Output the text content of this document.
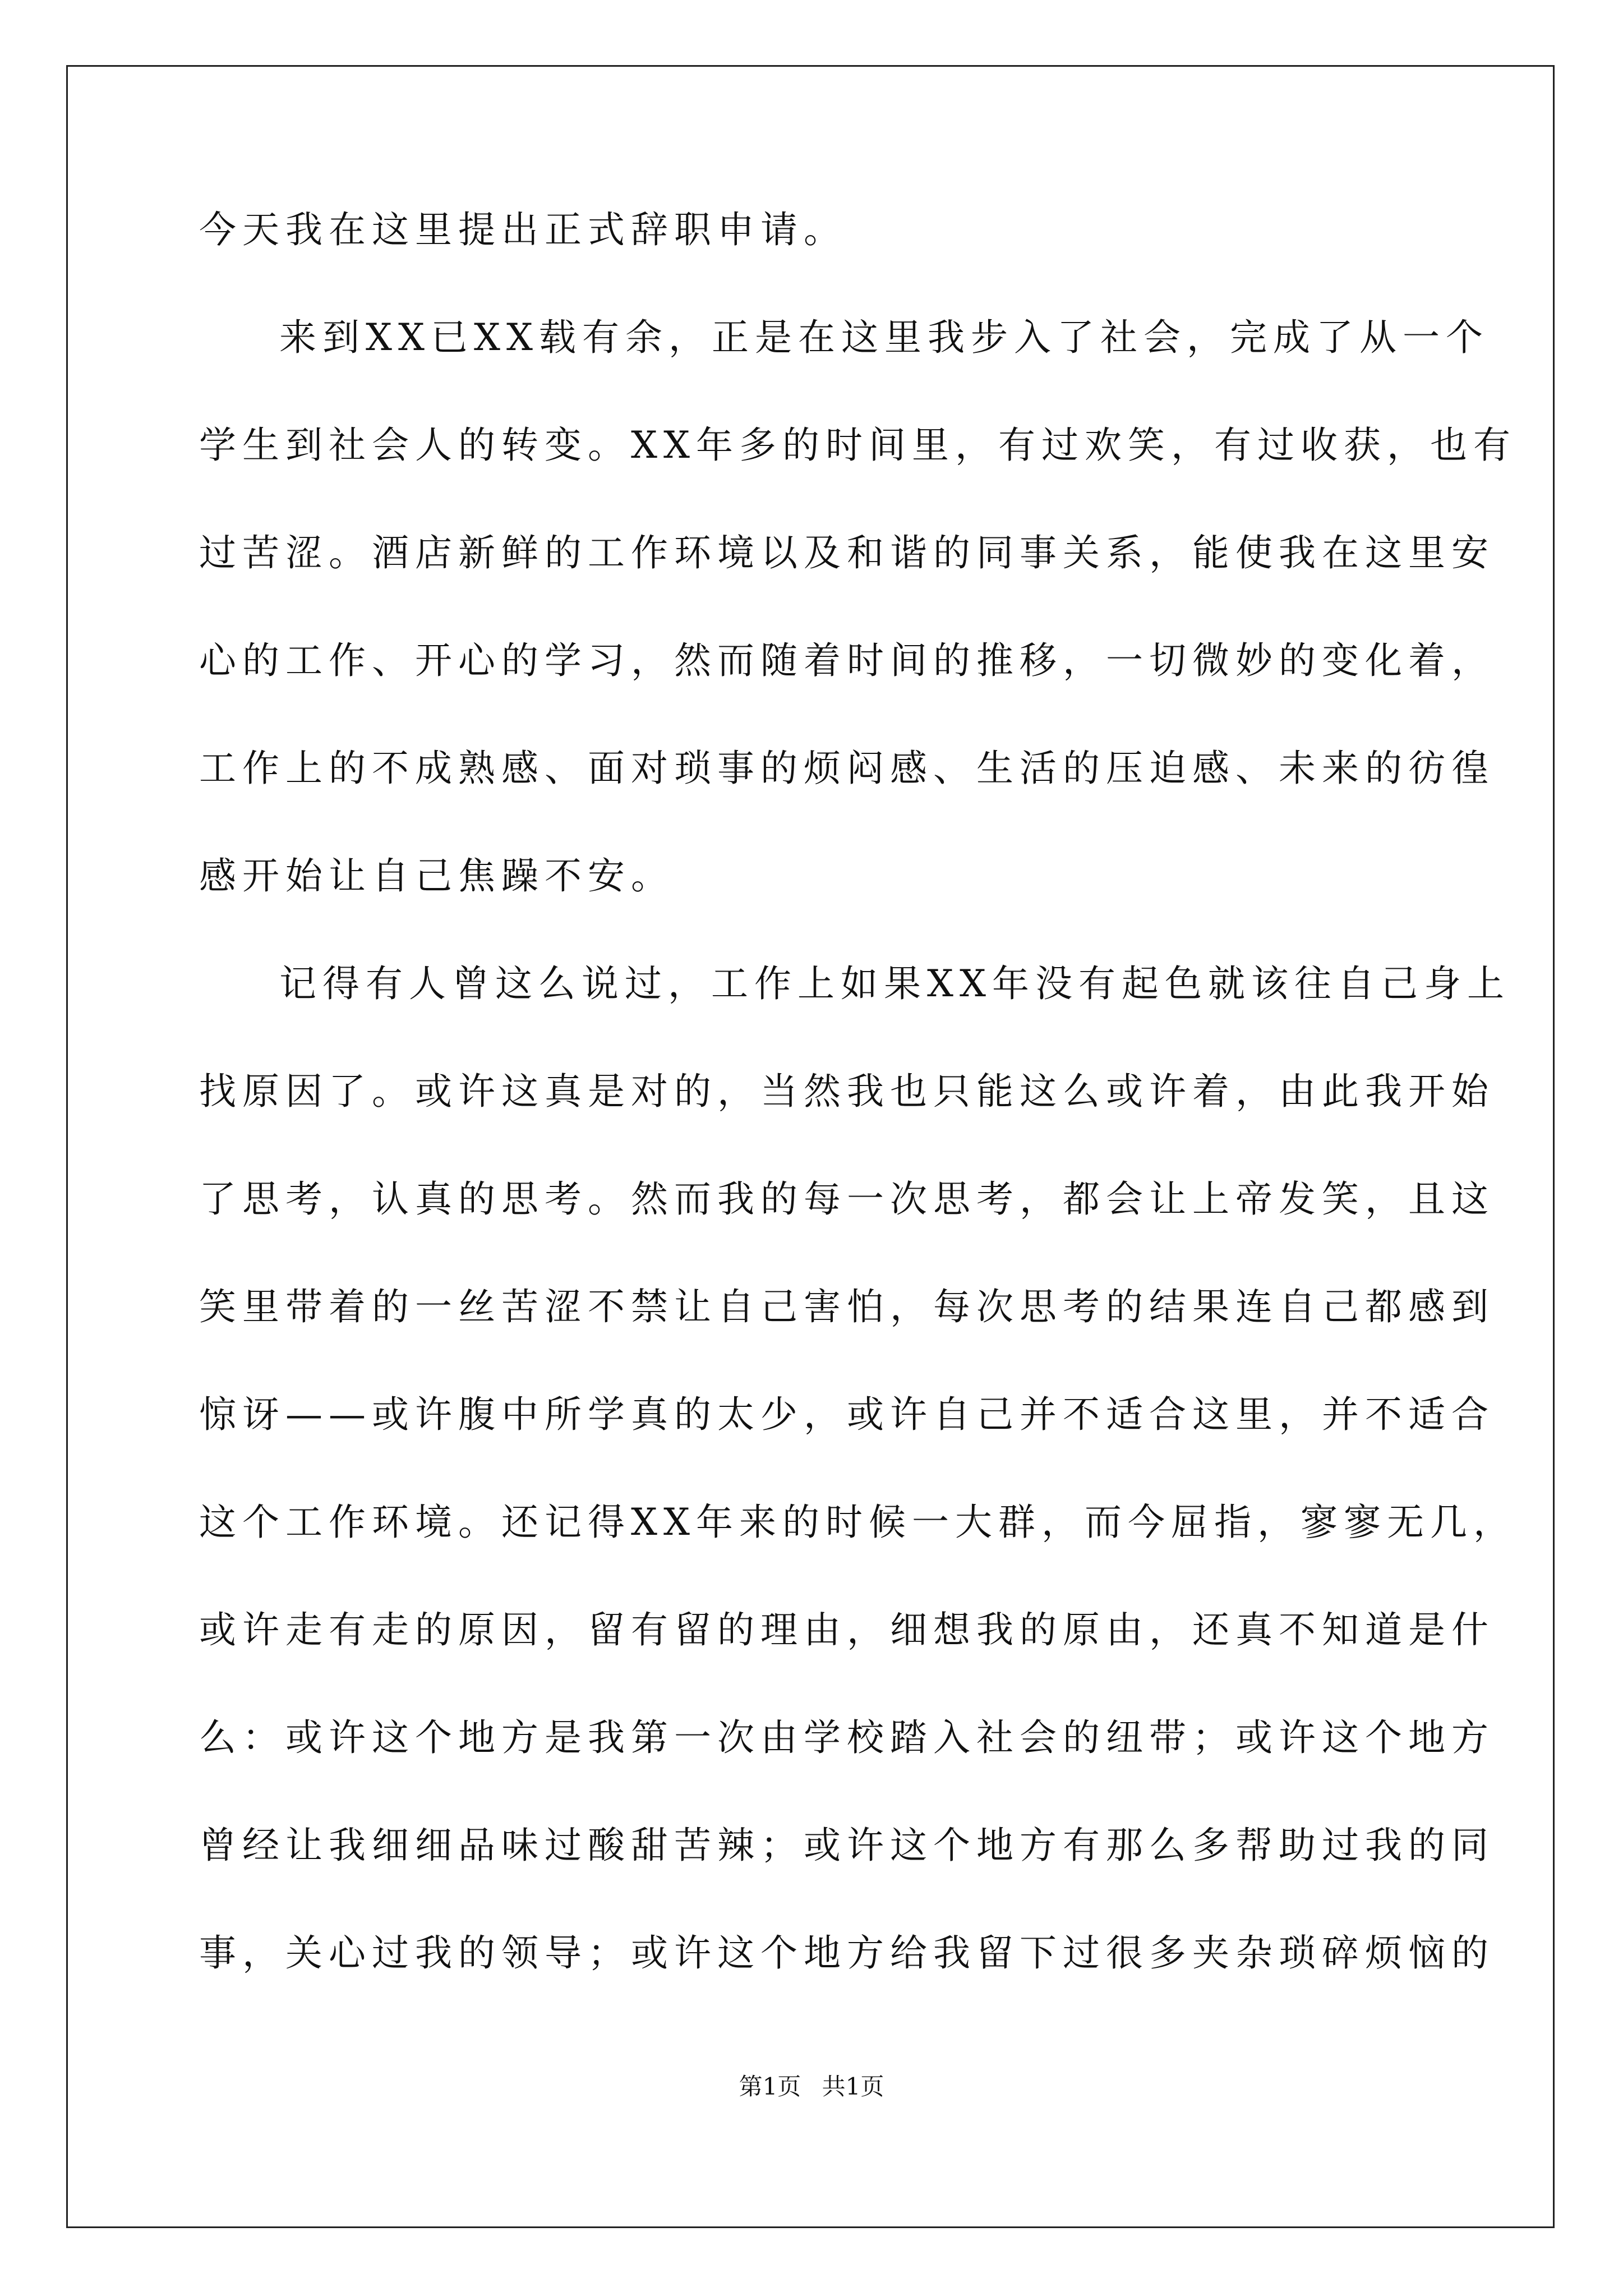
今天我在这里提出正式辞职申请。
来到XX已XX载有余，正是在这里我步入了社会，完成了从一个
学生到社会人的转变。XX年多的时间里，有过欢笑，有过收获，也有
过苦涩。酒店新鲜的工作环境以及和谐的同事关系，能使我在这里安
心的工作、开心的学习，然而随着时间的推移，一切微妙的变化着，
工作上的不成熟感、面对琐事的烦闷感、生活的压迫感、未来的彷徨
感开始让自己焦躁不安。
记得有人曾这么说过，工作上如果XX年没有起色就该往自己身上
找原因了。或许这真是对的，当然我也只能这么或许着，由此我开始
了思考，认真的思考。然而我的每一次思考，都会让上帝发笑，且这
笑里带着的一丝苦涩不禁让自己害怕，每次思考的结果连自己都感到
惊讶——或许腹中所学真的太少，或许自己并不适合这里，并不适合
这个工作环境。还记得XX年来的时候一大群，而今屈指，寥寥无几，
或许走有走的原因，留有留的理由，细想我的原由，还真不知道是什
么：或许这个地方是我第一次由学校踏入社会的纽带；或许这个地方
曾经让我细细品味过酸甜苦辣；或许这个地方有那么多帮助过我的同
事，关心过我的领导；或许这个地方给我留下过很多夹杂琐碎烦恼的
第1页 共1页
